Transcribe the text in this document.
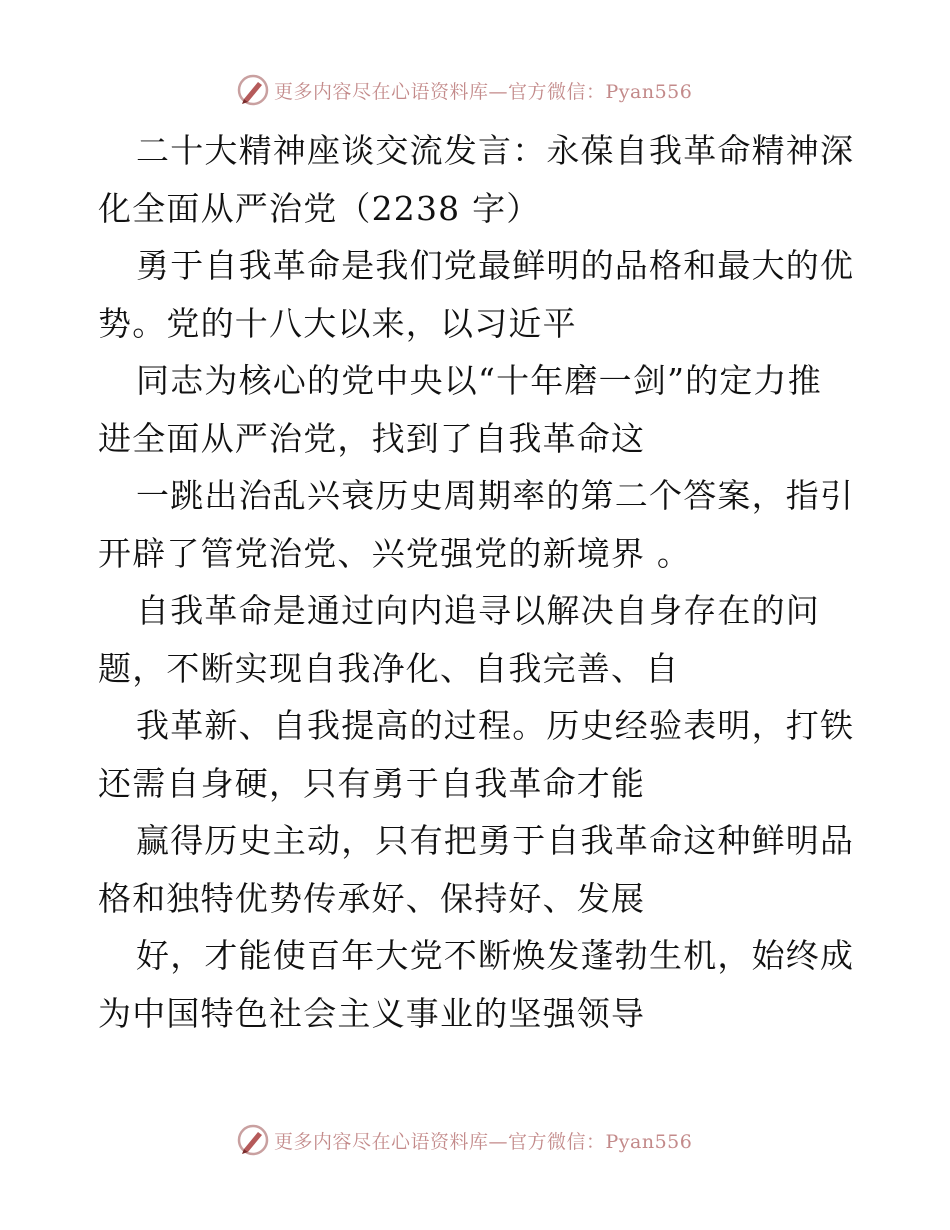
更多内容尽在心语资料库—官方微信：Pyan556
二十大精神座谈交流发言：永葆自我革命精神深
化全面从严治党（2238 字）
勇于自我革命是我们党最鲜明的品格和最大的优
势。党的十八大以来，以习近平
同志为核心的党中央以“十年磨一剑”的定力推
进全面从严治党，找到了自我革命这
一跳出治乱兴衰历史周期率的第二个答案，指引
开辟了管党治党、兴党强党的新境界 。
自我革命是通过向内追寻以解决自身存在的问
题，不断实现自我净化、自我完善、自
我革新、自我提高的过程。历史经验表明，打铁
还需自身硬，只有勇于自我革命才能
赢得历史主动，只有把勇于自我革命这种鲜明品
格和独特优势传承好、保持好、发展
好，才能使百年大党不断焕发蓬勃生机，始终成
为中国特色社会主义事业的坚强领导
更多内容尽在心语资料库—官方微信：Pyan556
